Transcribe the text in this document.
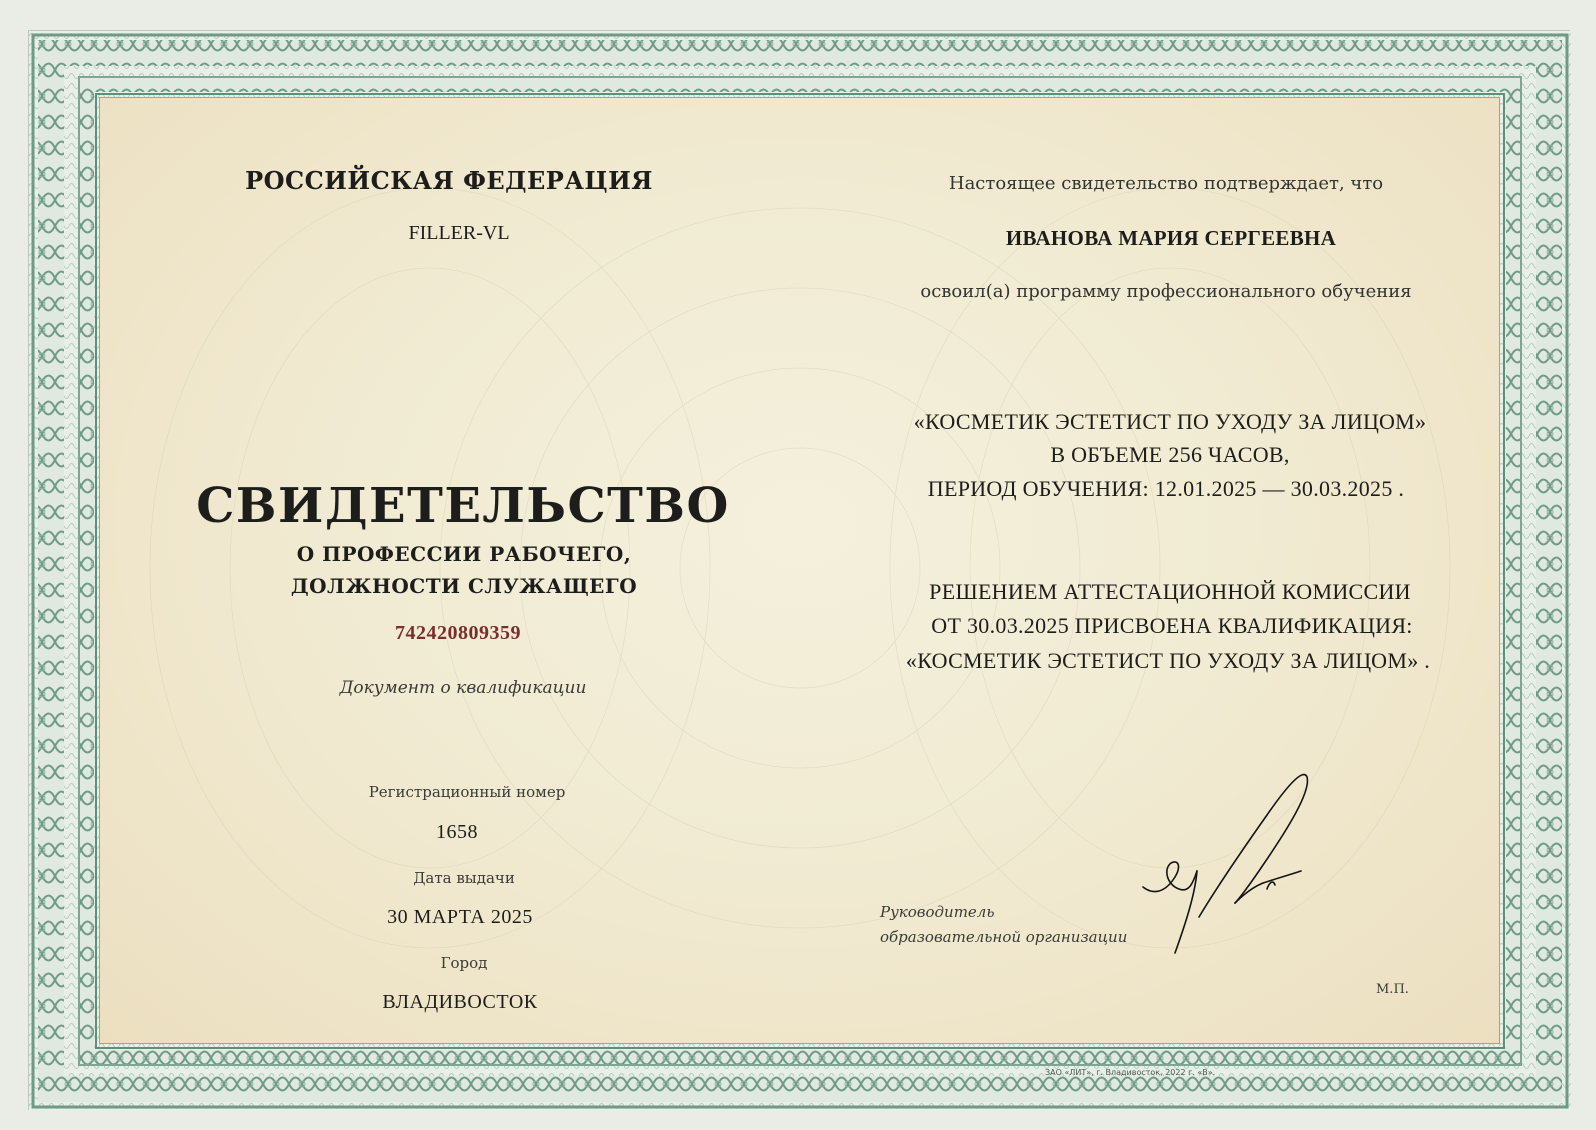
РОССИЙСКАЯ ФЕДЕРАЦИЯ
FILLER-VL
СВИДЕТЕЛЬСТВО
О ПРОФЕССИИ РАБОЧЕГО,
ДОЛЖНОСТИ СЛУЖАЩЕГО
742420809359
Документ о квалификации
Регистрационный номер
1658
Дата выдачи
30 МАРТА 2025
Город
ВЛАДИВОСТОК
Настоящее свидетельство подтверждает, что
ИВАНОВА МАРИЯ СЕРГЕЕВНА
освоил(а) программу профессионального обучения
«КОСМЕТИК ЭСТЕТИСТ ПО УХОДУ ЗА ЛИЦОМ»
В ОБЪЕМЕ 256 ЧАСОВ,
ПЕРИОД ОБУЧЕНИЯ: 12.01.2025 — 30.03.2025 .
РЕШЕНИЕМ АТТЕСТАЦИОННОЙ КОМИССИИ
ОТ 30.03.2025 ПРИСВОЕНА КВАЛИФИКАЦИЯ:
«КОСМЕТИК ЭСТЕТИСТ ПО УХОДУ ЗА ЛИЦОМ» .
Руководитель
образовательной организации
М.П.
ЗАО «ЛИТ», г. Владивосток, 2022 г. «В».
